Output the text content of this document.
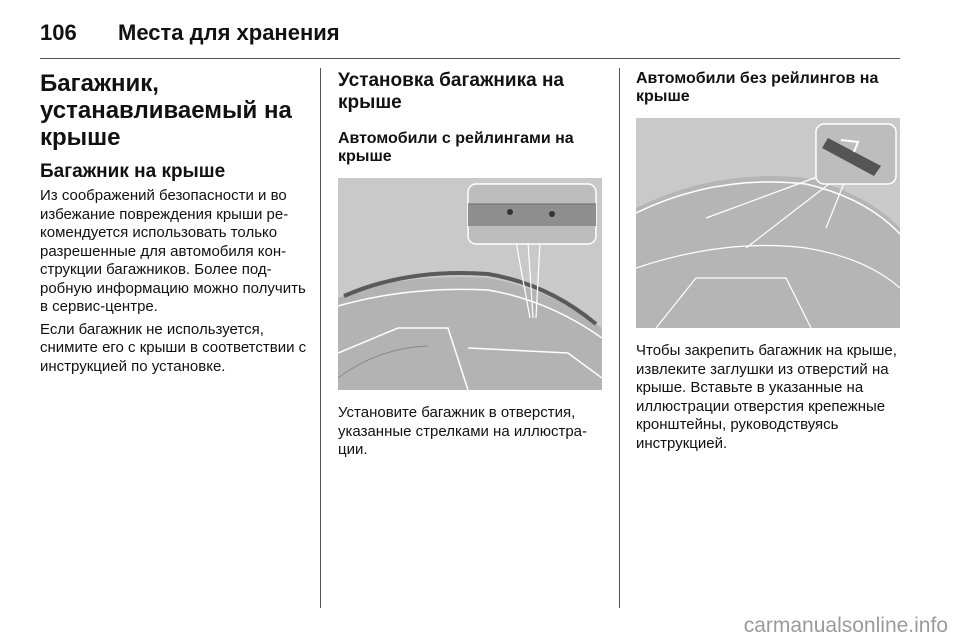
106 Места для хранения
Багажник, устанавливаемый на крыше
Багажник на крыше

Из соображений безопасности и во избежание повреждения крыши рекомендуется использовать только разрешенные для автомобиля конструкции багажников. Более подробную информацию можно получить в сервис-центре.

Если багажник не используется, снимите его с крыши в соответствии с инструкцией по установке.

Установка багажника на крыше
Автомобили с рейлингами на крыше

Установите багажник в отверстия, указанные стрелками на иллюстрации.

Автомобили без рейлингов на крыше

Чтобы закрепить багажник на крыше, извлеките заглушки из отверстий на крыше. Вставьте в указанные на иллюстрации отверстия крепежные кронштейны, руководствуясь инструкцией.

carmanualsonline.info
